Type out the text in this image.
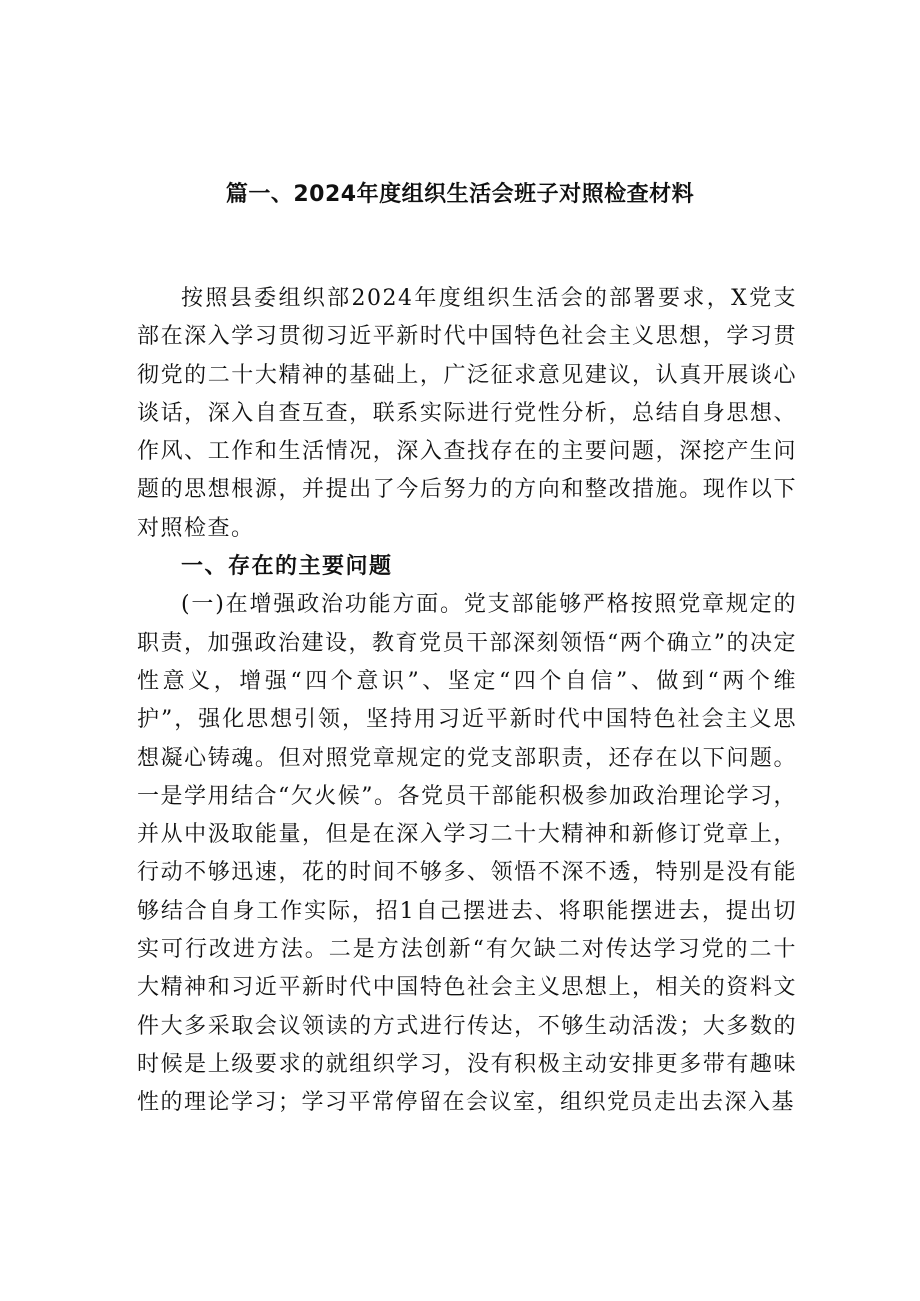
篇一、2024年度组织生活会班子对照检查材料

按照县委组织部2024年度组织生活会的部署要求，X党支部在深入学习贯彻习近平新时代中国特色社会主义思想，学习贯彻党的二十大精神的基础上，广泛征求意见建议，认真开展谈心谈话，深入自查互查，联系实际进行党性分析，总结自身思想、作风、工作和生活情况，深入查找存在的主要问题，深挖产生问题的思想根源，并提出了今后努力的方向和整改措施。现作以下对照检查。

一、存在的主要问题

(一)在增强政治功能方面。党支部能够严格按照党章规定的职责，加强政治建设，教育党员干部深刻领悟“两个确立”的决定性意义，增强“四个意识”、坚定“四个自信”、做到“两个维护”，强化思想引领，坚持用习近平新时代中国特色社会主义思想凝心铸魂。但对照党章规定的党支部职责，还存在以下问题。一是学用结合“欠火候”。各党员干部能积极参加政治理论学习，并从中汲取能量，但是在深入学习二十大精神和新修订党章上，行动不够迅速，花的时间不够多、领悟不深不透，特别是没有能够结合自身工作实际，招1自己摆进去、将职能摆进去，提出切实可行改进方法。二是方法创新“有欠缺二对传达学习党的二十大精神和习近平新时代中国特色社会主义思想上，相关的资料文件大多采取会议领读的方式进行传达，不够生动活泼；大多数的时候是上级要求的就组织学习，没有积极主动安排更多带有趣味性的理论学习；学习平常停留在会议室，组织党员走出去深入基
